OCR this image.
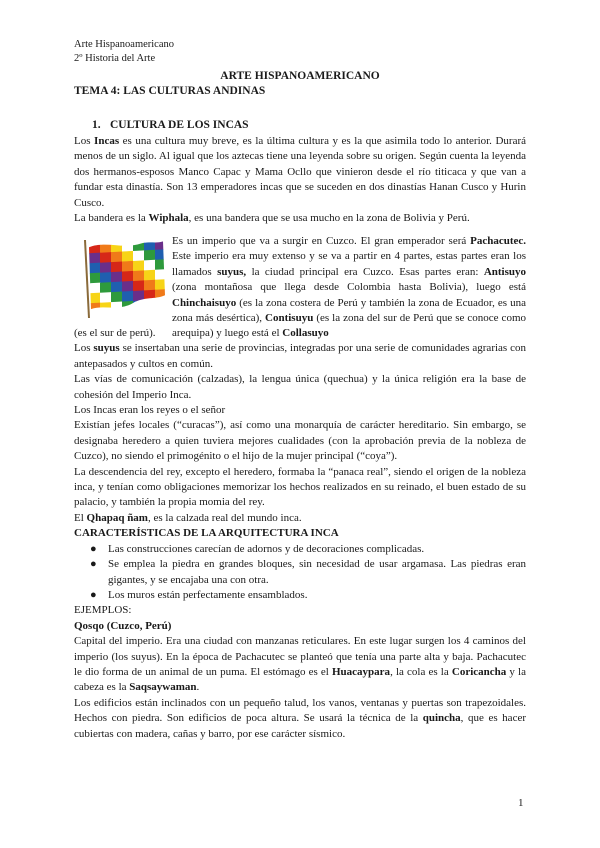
Arte Hispanoamericano
2º Historia del Arte
ARTE HISPANOAMERICANO
TEMA 4: LAS CULTURAS ANDINAS
1. CULTURA DE LOS INCAS

Los Incas es una cultura muy breve, es la última cultura y es la que asimila todo lo anterior. Durará menos de un siglo. Al igual que los aztecas tiene una leyenda sobre su origen. Según cuenta la leyenda dos hermanos-esposos Manco Capac y Mama Ocllo que vinieron desde el río titicaca y que van a fundar esta dinastía. Son 13 emperadores incas que se suceden en dos dinastías Hanan Cusco y Hurin Cusco.

La bandera es la Wiphala, es una bandera que se usa mucho en la zona de Bolivia y Perú.

Es un imperio que va a surgir en Cuzco. El gran emperador será Pachacutec. Este imperio era muy extenso y se va a partir en 4 partes, estas partes eran los llamados suyus, la ciudad principal era Cuzco. Esas partes eran: Antisuyo (zona montañosa que llega desde Colombia hasta Bolivia), luego está Chinchaisuyo (es la zona costera de Perú y también la zona de Ecuador, es una zona más desértica), Contisuyu (es la zona del sur de Perú que se conoce como arequipa) y luego está el Collasuyo

(es el sur de perú).

Los suyus se insertaban una serie de provincias, integradas por una serie de comunidades agrarias con antepasados y cultos en común.

Las vías de comunicación (calzadas), la lengua única (quechua) y la única religión era la base de cohesión del Imperio Inca.

Los Incas eran los reyes o el señor

Existían jefes locales (“curacas”), así como una monarquía de carácter hereditario. Sin embargo, se designaba heredero a quien tuviera mejores cualidades (con la aprobación previa de la nobleza de Cuzco), no siendo el primogénito o el hijo de la mujer principal (“coya”).

La descendencia del rey, excepto el heredero, formaba la “panaca real”, siendo el origen de la nobleza inca, y tenían como obligaciones memorizar los hechos realizados en su reinado, el buen estado de su palacio, y también la propia momia del rey.

El Qhapaq ñam, es la calzada real del mundo inca.

CARACTERÍSTICAS DE LA ARQUITECTURA INCA

● Las construcciones carecían de adornos y de decoraciones complicadas.
● Se emplea la piedra en grandes bloques, sin necesidad de usar argamasa. Las piedras eran gigantes, y se encajaba una con otra.
● Los muros están perfectamente ensamblados.

EJEMPLOS:

Qosqo (Cuzco, Perú)

Capital del imperio. Era una ciudad con manzanas reticulares. En este lugar surgen los 4 caminos del imperio (los suyus). En la época de Pachacutec se planteó que tenía una parte alta y baja. Pachacutec le dio forma de un animal de un puma. El estómago es el Huacaypara, la cola es la Coricancha y la cabeza es la Saqsaywaman.

Los edificios están inclinados con un pequeño talud, los vanos, ventanas y puertas son trapezoidales. Hechos con piedra. Son edificios de poca altura. Se usará la técnica de la quincha, que es hacer cubiertas con madera, cañas y barro, por ese carácter sísmico.

1
